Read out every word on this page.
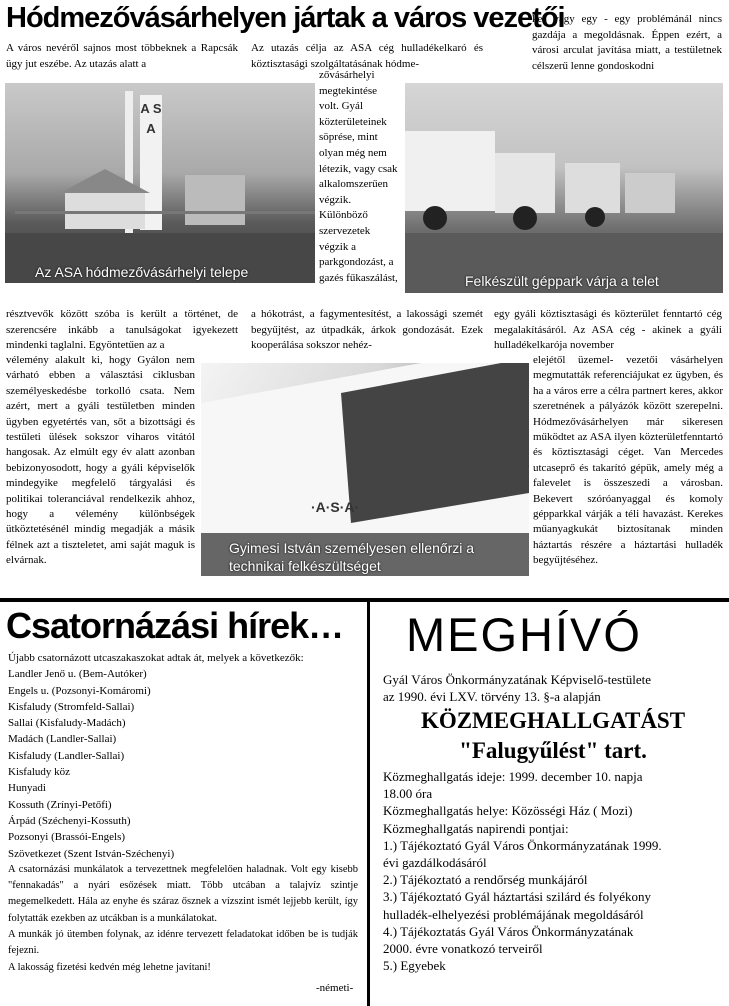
Hódmezővásárhelyen jártak a város vezetői
kes vagy egy - egy problémánál nincs gazdája a megoldásnak. Éppen ezért, a városi arculat javítása miatt, a testületnek célszerű lenne gondoskodni
A város nevéről sajnos most többeknek a Rapcsák ügy jut eszébe. Az utazás alatt a
Az utazás célja az ASA cég hulladékelkaró és köztisztasági szolgáltatásának hódme-
A S A
Az ASA hódmezővásárhelyi telepe
zővásárhelyi megtekintése volt. Gyál közterületeinek söprése, mint olyan még nem létezik, vagy csak alkalomszerűen végzik. Különböző szervezetek végzik a parkgondozást, a gazés fűkaszálást,	Felkészült géppark várja a telet
résztvevők között szóba is került a történet, de szerencsére inkább a tanulságokat igyekezett mindenki taglalni. Egyöntetűen az a
a hókotrást, a fagymentesítést, a lakossági szemét begyűjtést, az útpadkák, árkok gondozását. Ezek kooperálása sokszor nehéz-
egy gyáli köztisztasági és közterület fenntartó cég megalakításáról. Az ASA cég - akinek a gyáli hulladékelkarója november
vélemény alakult ki, hogy Gyálon nem várható ebben a választási ciklusban személyeskedésbe torkolló csata. Nem azért, mert a gyáli testületben minden ügyben egyetértés van, sőt a bizottsági és testületi ülések sokszor viharos vitától hangosak. Az elmúlt egy év alatt azonban bebizonyosodott, hogy a gyáli képviselők mindegyike megfelelő tárgyalási és politikai toleranciával rendelkezik ahhoz, hogy a vélemény különbségek ütköztetésénél mindig megadják a másik félnek azt a tiszteletet, ami saját maguk is elvárnak.
·A·S·A·
Gyimesi István személyesen ellenőrzi a technikai felkészültséget
elejétől üzemel- vezetői vásárhelyen megmutatták referenciájukat ez ügyben, és ha a város erre a célra partnert keres, akkor szeretnének a pályázók között szerepelni. Hódmezővásárhelyen már sikeresen működtet az ASA ilyen közterületfenntartó és köztisztasági céget. Van Mercedes utcaseprő és takarító gépük, amely még a falevelet is összeszedi a városban. Bekevert szóróanyaggal és komoly gépparkkal várják a téli havazást. Kerekes műanyagkukát biztosítanak minden háztartás részére a háztartási hulladék begyűjtéséhez.
Csatornázási hírek…
Újabb csatornázott utcaszakaszokat adtak át, melyek a következők:
Landler Jenő u. (Bem-Autóker)
Engels u. (Pozsonyi-Komáromi)
Kisfaludy (Stromfeld-Sallai)
Sallai (Kisfaludy-Madách)
Madách (Landler-Sallai)
Kisfaludy (Landler-Sallai)
Kisfaludy köz
Hunyadi
Kossuth (Zrínyi-Petőfi)
Árpád (Széchenyi-Kossuth)
Pozsonyi (Brassói-Engels)
Szövetkezet (Szent István-Széchenyi)
A csatornázási munkálatok a tervezettnek megfelelően haladnak. Volt egy kisebb "fennakadás" a nyári esőzések miatt. Több utcában a talajvíz szintje megemelkedett. Hála az enyhe és száraz ősznek a vízszint ismét lejjebb került, így folytatták ezekben az utcákban is a munkálatokat.
A munkák jó ütemben folynak, az idénre tervezett feladatokat időben be is tudják fejezni.
A lakosság fizetési kedvén még lehetne javítani!
-németi-
MEGHÍVÓ
Gyál Város Önkormányzatának Képviselő-testülete
az 1990. évi LXV. törvény 13. §-a alapján
KÖZMEGHALLGATÁST
"Falugyűlést" tart.
Közmeghallgatás ideje: 1999. december 10. napja
18.00 óra
Közmeghallgatás helye: Közösségi Ház ( Mozi)
Közmeghallgatás napirendi pontjai:
1.) Tájékoztató Gyál Város Önkormányzatának 1999.
évi gazdálkodásáról
2.) Tájékoztató a rendőrség munkájáról
3.) Tájékoztató Gyál háztartási szilárd és folyékony
hulladék-elhelyezési problémájának megoldásáról
4.) Tájékoztatás Gyál Város Önkormányzatának
2000. évre vonatkozó terveiről
5.) Egyebek
